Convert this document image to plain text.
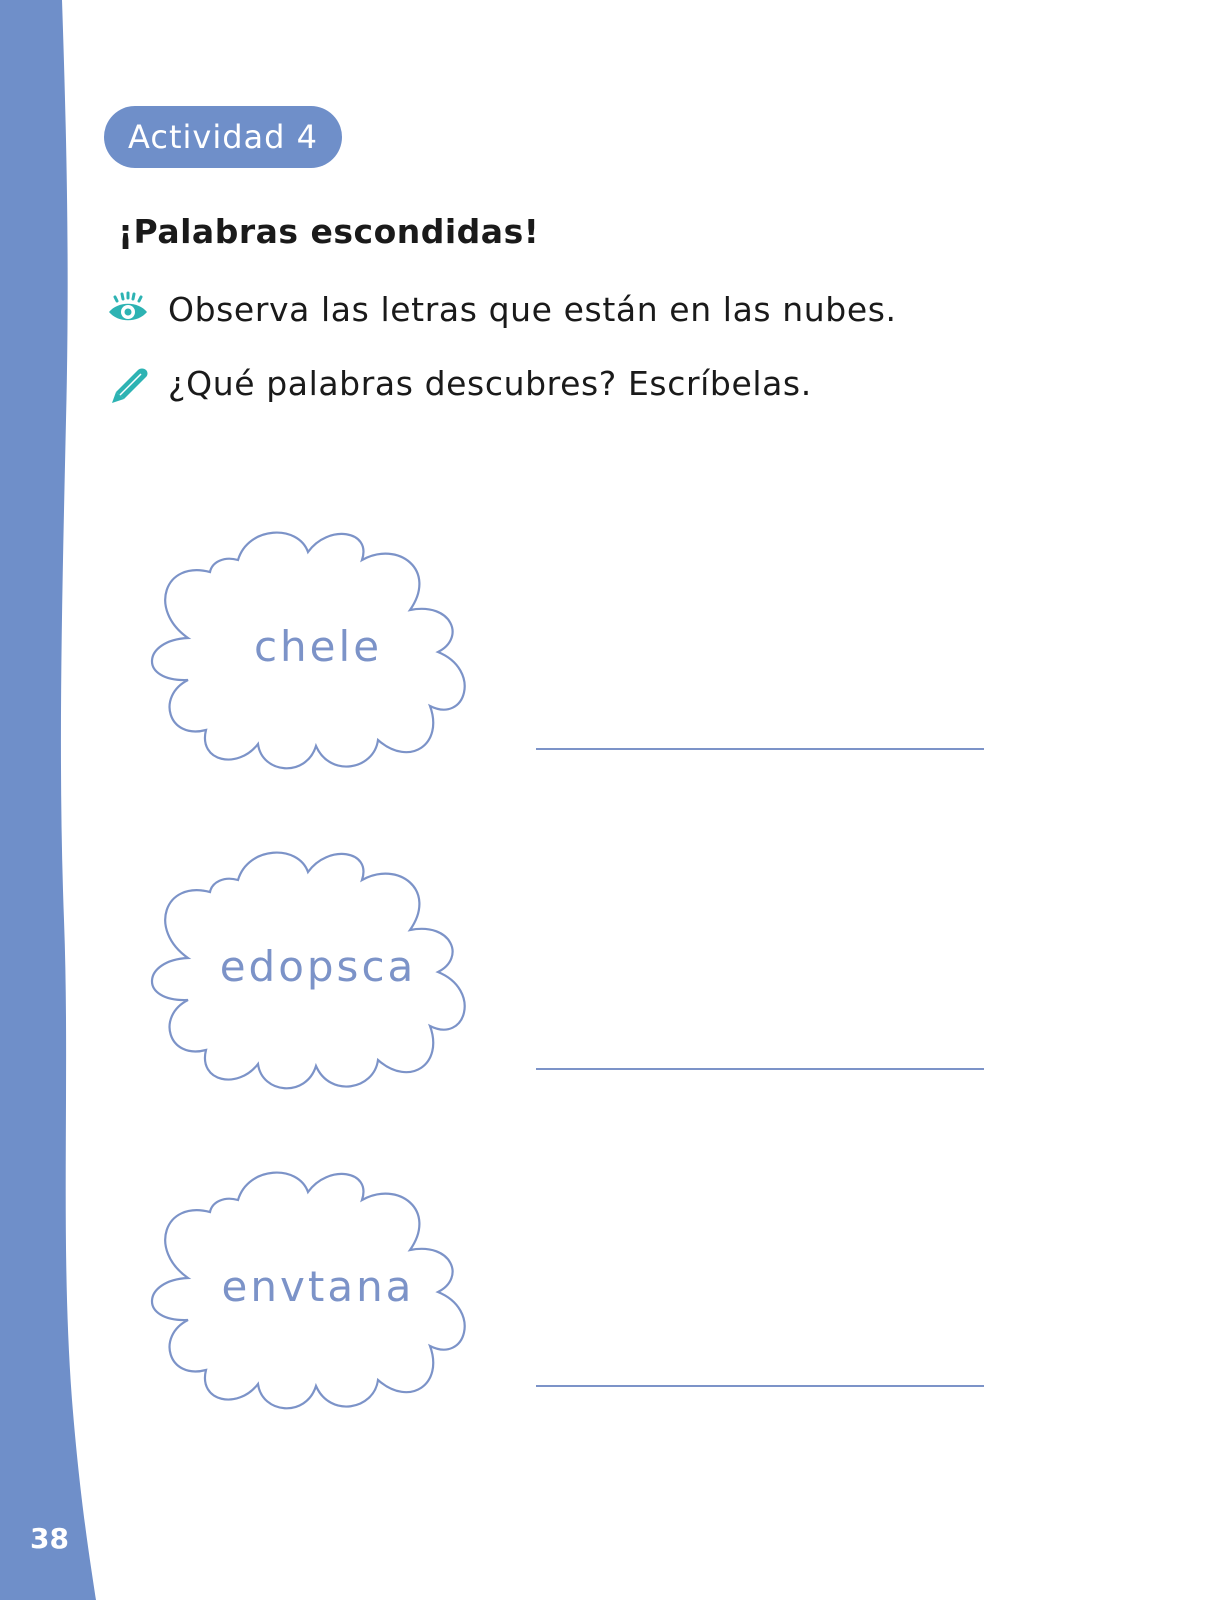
38
Actividad 4
¡Palabras escondidas!
Observa las letras que están en las nubes.
¿Qué palabras descubres? Escríbelas.
chele
edopsca
envtana
